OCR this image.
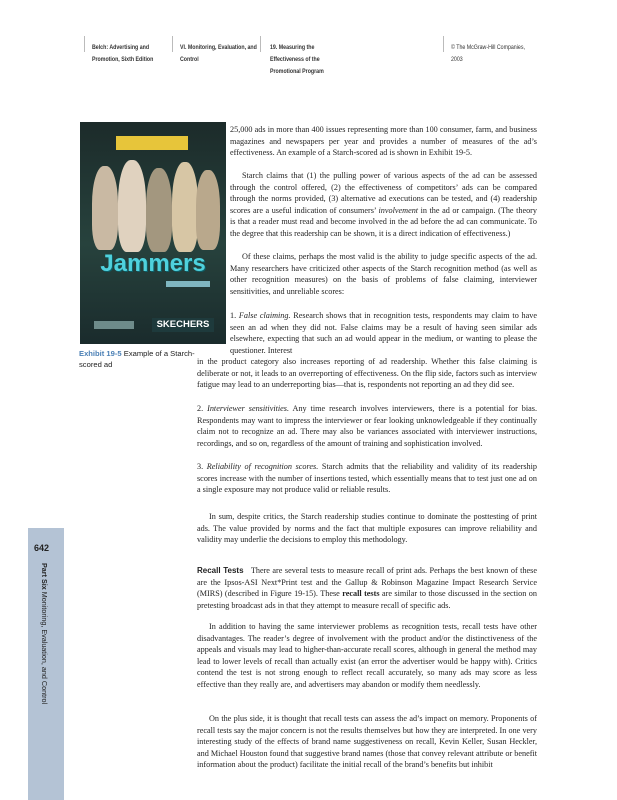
Belch: Advertising and Promotion, Sixth Edition
VI. Monitoring, Evaluation, and Control
19. Measuring the Effectiveness of the Promotional Program
© The McGraw-Hill Companies, 2003
642
Part Six Monitoring, Evaluation, and Control
Jammers
SKECHERS
Exhibit 19-5 Example of a Starch-scored ad

25,000 ads in more than 400 issues representing more than 100 consumer, farm, and business magazines and newspapers per year and provides a number of measures of the ad’s effectiveness. An example of a Starch-scored ad is shown in Exhibit 19-5.

Starch claims that (1) the pulling power of various aspects of the ad can be assessed through the control offered, (2) the effectiveness of competitors’ ads can be compared through the norms provided, (3) alternative ad executions can be tested, and (4) readership scores are a useful indication of consumers’ involvement in the ad or campaign. (The theory is that a reader must read and become involved in the ad before the ad can communicate. To the degree that this readership can be shown, it is a direct indication of effectiveness.)

Of these claims, perhaps the most valid is the ability to judge specific aspects of the ad. Many researchers have criticized other aspects of the Starch recognition method (as well as other recognition measures) on the basis of problems of false claiming, interviewer sensitivities, and unreliable scores:

1. False claiming. Research shows that in recognition tests, respondents may claim to have seen an ad when they did not. False claims may be a result of having seen similar ads elsewhere, expecting that such an ad would appear in the medium, or wanting to please the questioner. Interest

in the product category also increases reporting of ad readership. Whether this false claiming is deliberate or not, it leads to an overreporting of effectiveness. On the flip side, factors such as interview fatigue may lead to an underreporting bias—that is, respondents not reporting an ad they did see.

2. Interviewer sensitivities. Any time research involves interviewers, there is a potential for bias. Respondents may want to impress the interviewer or fear looking unknowledgeable if they continually claim not to recognize an ad. There may also be variances associated with interviewer instructions, recordings, and so on, regardless of the amount of training and sophistication involved.

3. Reliability of recognition scores. Starch admits that the reliability and validity of its readership scores increase with the number of insertions tested, which essentially means that to test just one ad on a single exposure may not produce valid or reliable results.

In sum, despite critics, the Starch readership studies continue to dominate the posttesting of print ads. The value provided by norms and the fact that multiple exposures can improve reliability and validity may underlie the decisions to employ this methodology.

Recall Tests There are several tests to measure recall of print ads. Perhaps the best known of these are the Ipsos-ASI Next*Print test and the Gallup & Robinson Magazine Impact Research Service (MIRS) (described in Figure 19-15). These recall tests are similar to those discussed in the section on pretesting broadcast ads in that they attempt to measure recall of specific ads.

In addition to having the same interviewer problems as recognition tests, recall tests have other disadvantages. The reader’s degree of involvement with the product and/or the distinctiveness of the appeals and visuals may lead to higher-than-accurate recall scores, although in general the method may lead to lower levels of recall than actually exist (an error the advertiser would be happy with). Critics contend the test is not strong enough to reflect recall accurately, so many ads may score as less effective than they really are, and advertisers may abandon or modify them needlessly.

On the plus side, it is thought that recall tests can assess the ad’s impact on memory. Proponents of recall tests say the major concern is not the results themselves but how they are interpreted. In one very interesting study of the effects of brand name suggestiveness on recall, Kevin Keller, Susan Heckler, and Michael Houston found that suggestive brand names (those that convey relevant attribute or benefit information about the product) facilitate the initial recall of the brand’s benefits but inhibit
